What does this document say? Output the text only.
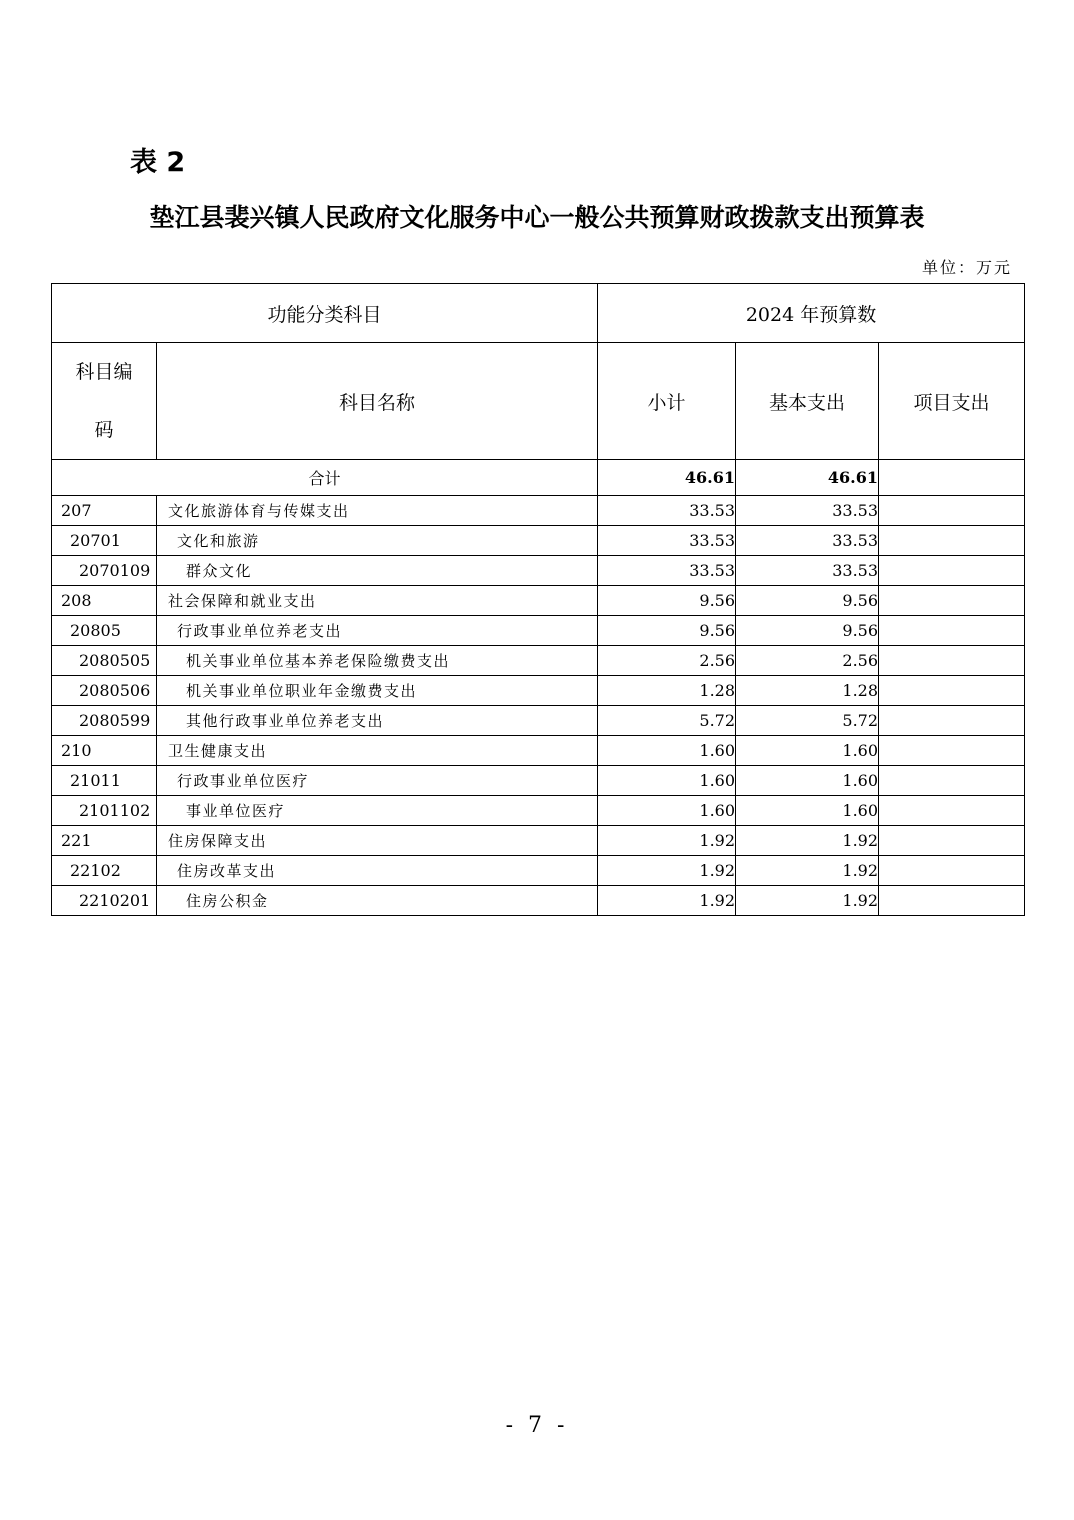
表 2
垫江县裴兴镇人民政府文化服务中心一般公共预算财政拨款支出预算表
单位：万元
功能分类科目		2024 年预算数		

科目编
码	科目名称	小计	基本支出	项目支出
合计		46.61	46.61	
207	文化旅游体育与传媒支出	33.53	33.53	
20701	文化和旅游	33.53	33.53	
2070109	群众文化	33.53	33.53	
208	社会保障和就业支出	9.56	9.56	
20805	行政事业单位养老支出	9.56	9.56	
2080505	机关事业单位基本养老保险缴费支出	2.56	2.56	
2080506	机关事业单位职业年金缴费支出	1.28	1.28	
2080599	其他行政事业单位养老支出	5.72	5.72	
210	卫生健康支出	1.60	1.60	
21011	行政事业单位医疗	1.60	1.60	
2101102	事业单位医疗	1.60	1.60	
221	住房保障支出	1.92	1.92	
22102	住房改革支出	1.92	1.92	
2210201	住房公积金	1.92	1.92	
- 7 -
